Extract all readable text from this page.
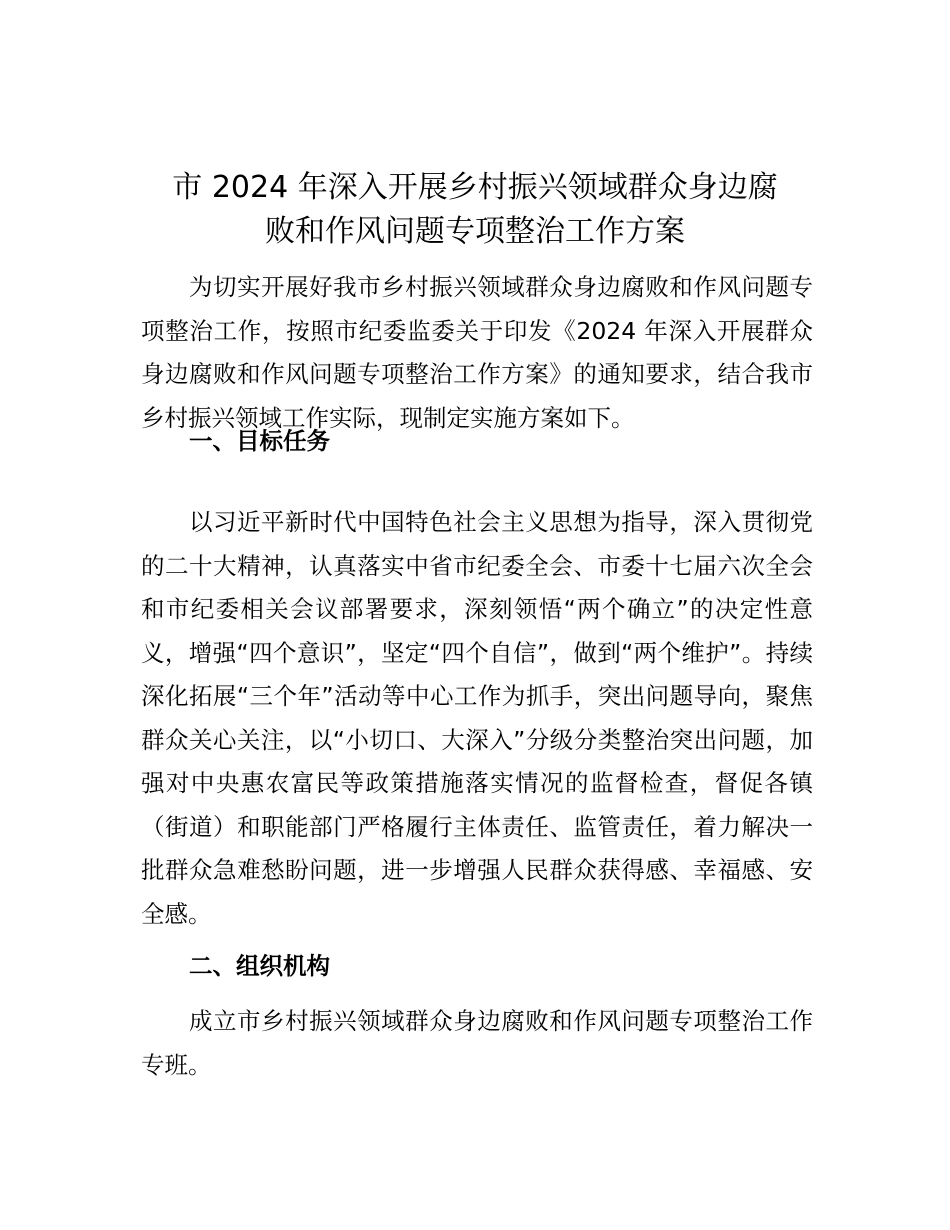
市 2024 年深入开展乡村振兴领域群众身边腐
败和作风问题专项整治工作方案

为切实开展好我市乡村振兴领域群众身边腐败和作风问题专项整治工作，按照市纪委监委关于印发《2024 年深入开展群众身边腐败和作风问题专项整治工作方案》的通知要求，结合我市乡村振兴领域工作实际，现制定实施方案如下。

一、目标任务

以习近平新时代中国特色社会主义思想为指导，深入贯彻党的二十大精神，认真落实中省市纪委全会、市委十七届六次全会和市纪委相关会议部署要求，深刻领悟“两个确立”的决定性意义，增强“四个意识”，坚定“四个自信”，做到“两个维护”。持续深化拓展“三个年”活动等中心工作为抓手，突出问题导向，聚焦群众关心关注，以“小切口、大深入”分级分类整治突出问题，加强对中央惠农富民等政策措施落实情况的监督检查，督促各镇（街道）和职能部门严格履行主体责任、监管责任，着力解决一批群众急难愁盼问题，进一步增强人民群众获得感、幸福感、安全感。

二、组织机构

成立市乡村振兴领域群众身边腐败和作风问题专项整治工作专班。
